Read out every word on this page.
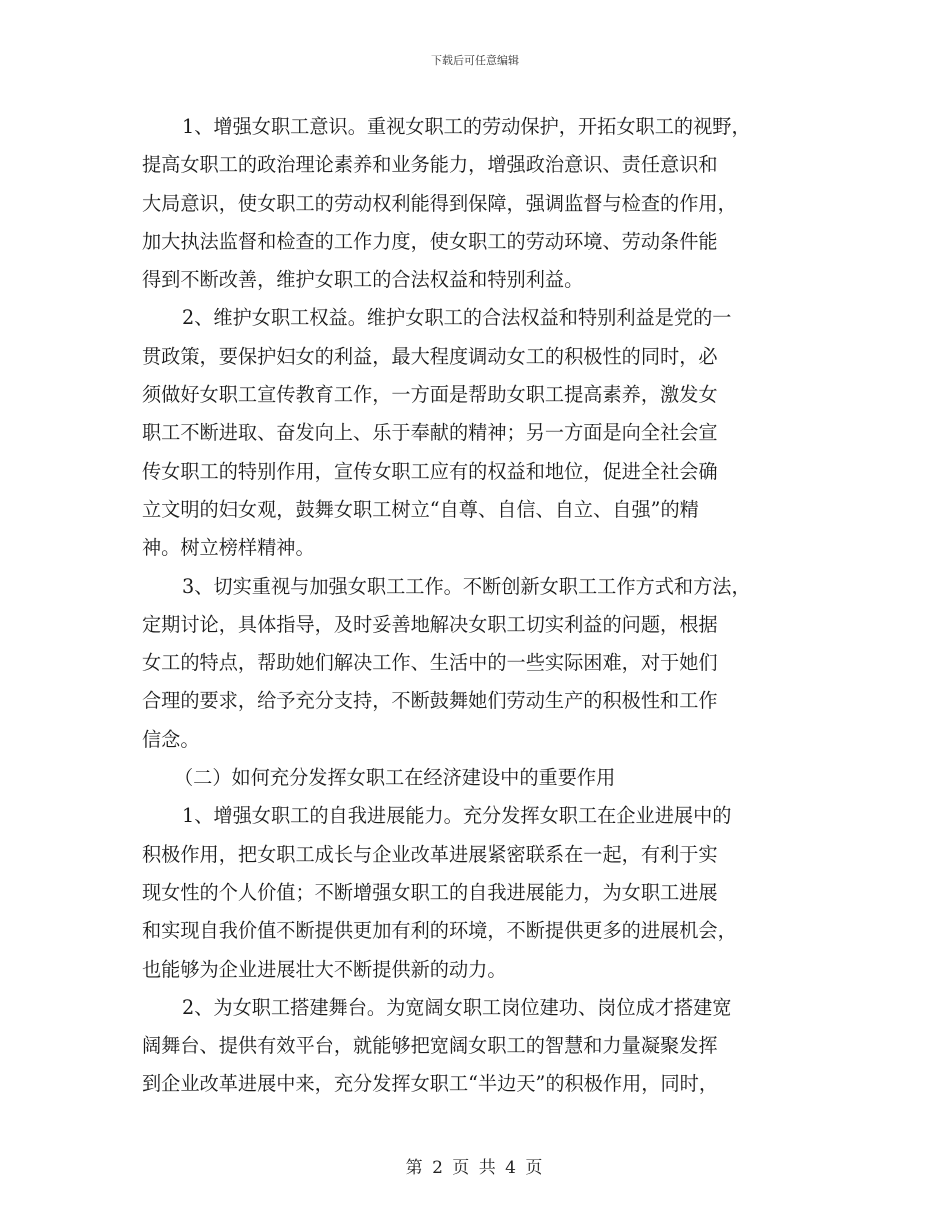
下载后可任意编辑
1、增强女职工意识。重视女职工的劳动保护，开拓女职工的视野，
提高女职工的政治理论素养和业务能力，增强政治意识、责任意识和
大局意识，使女职工的劳动权利能得到保障，强调监督与检查的作用，
加大执法监督和检查的工作力度，使女职工的劳动环境、劳动条件能
得到不断改善，维护女职工的合法权益和特别利益。
2、维护女职工权益。维护女职工的合法权益和特别利益是党的一
贯政策，要保护妇女的利益，最大程度调动女工的积极性的同时，必
须做好女职工宣传教育工作，一方面是帮助女职工提高素养，激发女
职工不断进取、奋发向上、乐于奉献的精神；另一方面是向全社会宣
传女职工的特别作用，宣传女职工应有的权益和地位，促进全社会确
立文明的妇女观，鼓舞女职工树立“自尊、自信、自立、自强”的精
神。树立榜样精神。
3、切实重视与加强女职工工作。不断创新女职工工作方式和方法，
定期讨论，具体指导，及时妥善地解决女职工切实利益的问题，根据
女工的特点，帮助她们解决工作、生活中的一些实际困难，对于她们
合理的要求，给予充分支持，不断鼓舞她们劳动生产的积极性和工作
信念。
（二）如何充分发挥女职工在经济建设中的重要作用
1、增强女职工的自我进展能力。充分发挥女职工在企业进展中的
积极作用，把女职工成长与企业改革进展紧密联系在一起，有利于实
现女性的个人价值；不断增强女职工的自我进展能力，为女职工进展
和实现自我价值不断提供更加有利的环境，不断提供更多的进展机会，
也能够为企业进展壮大不断提供新的动力。
2、为女职工搭建舞台。为宽阔女职工岗位建功、岗位成才搭建宽
阔舞台、提供有效平台，就能够把宽阔女职工的智慧和力量凝聚发挥
到企业改革进展中来，充分发挥女职工“半边天”的积极作用，同时，
第 2 页 共 4 页
